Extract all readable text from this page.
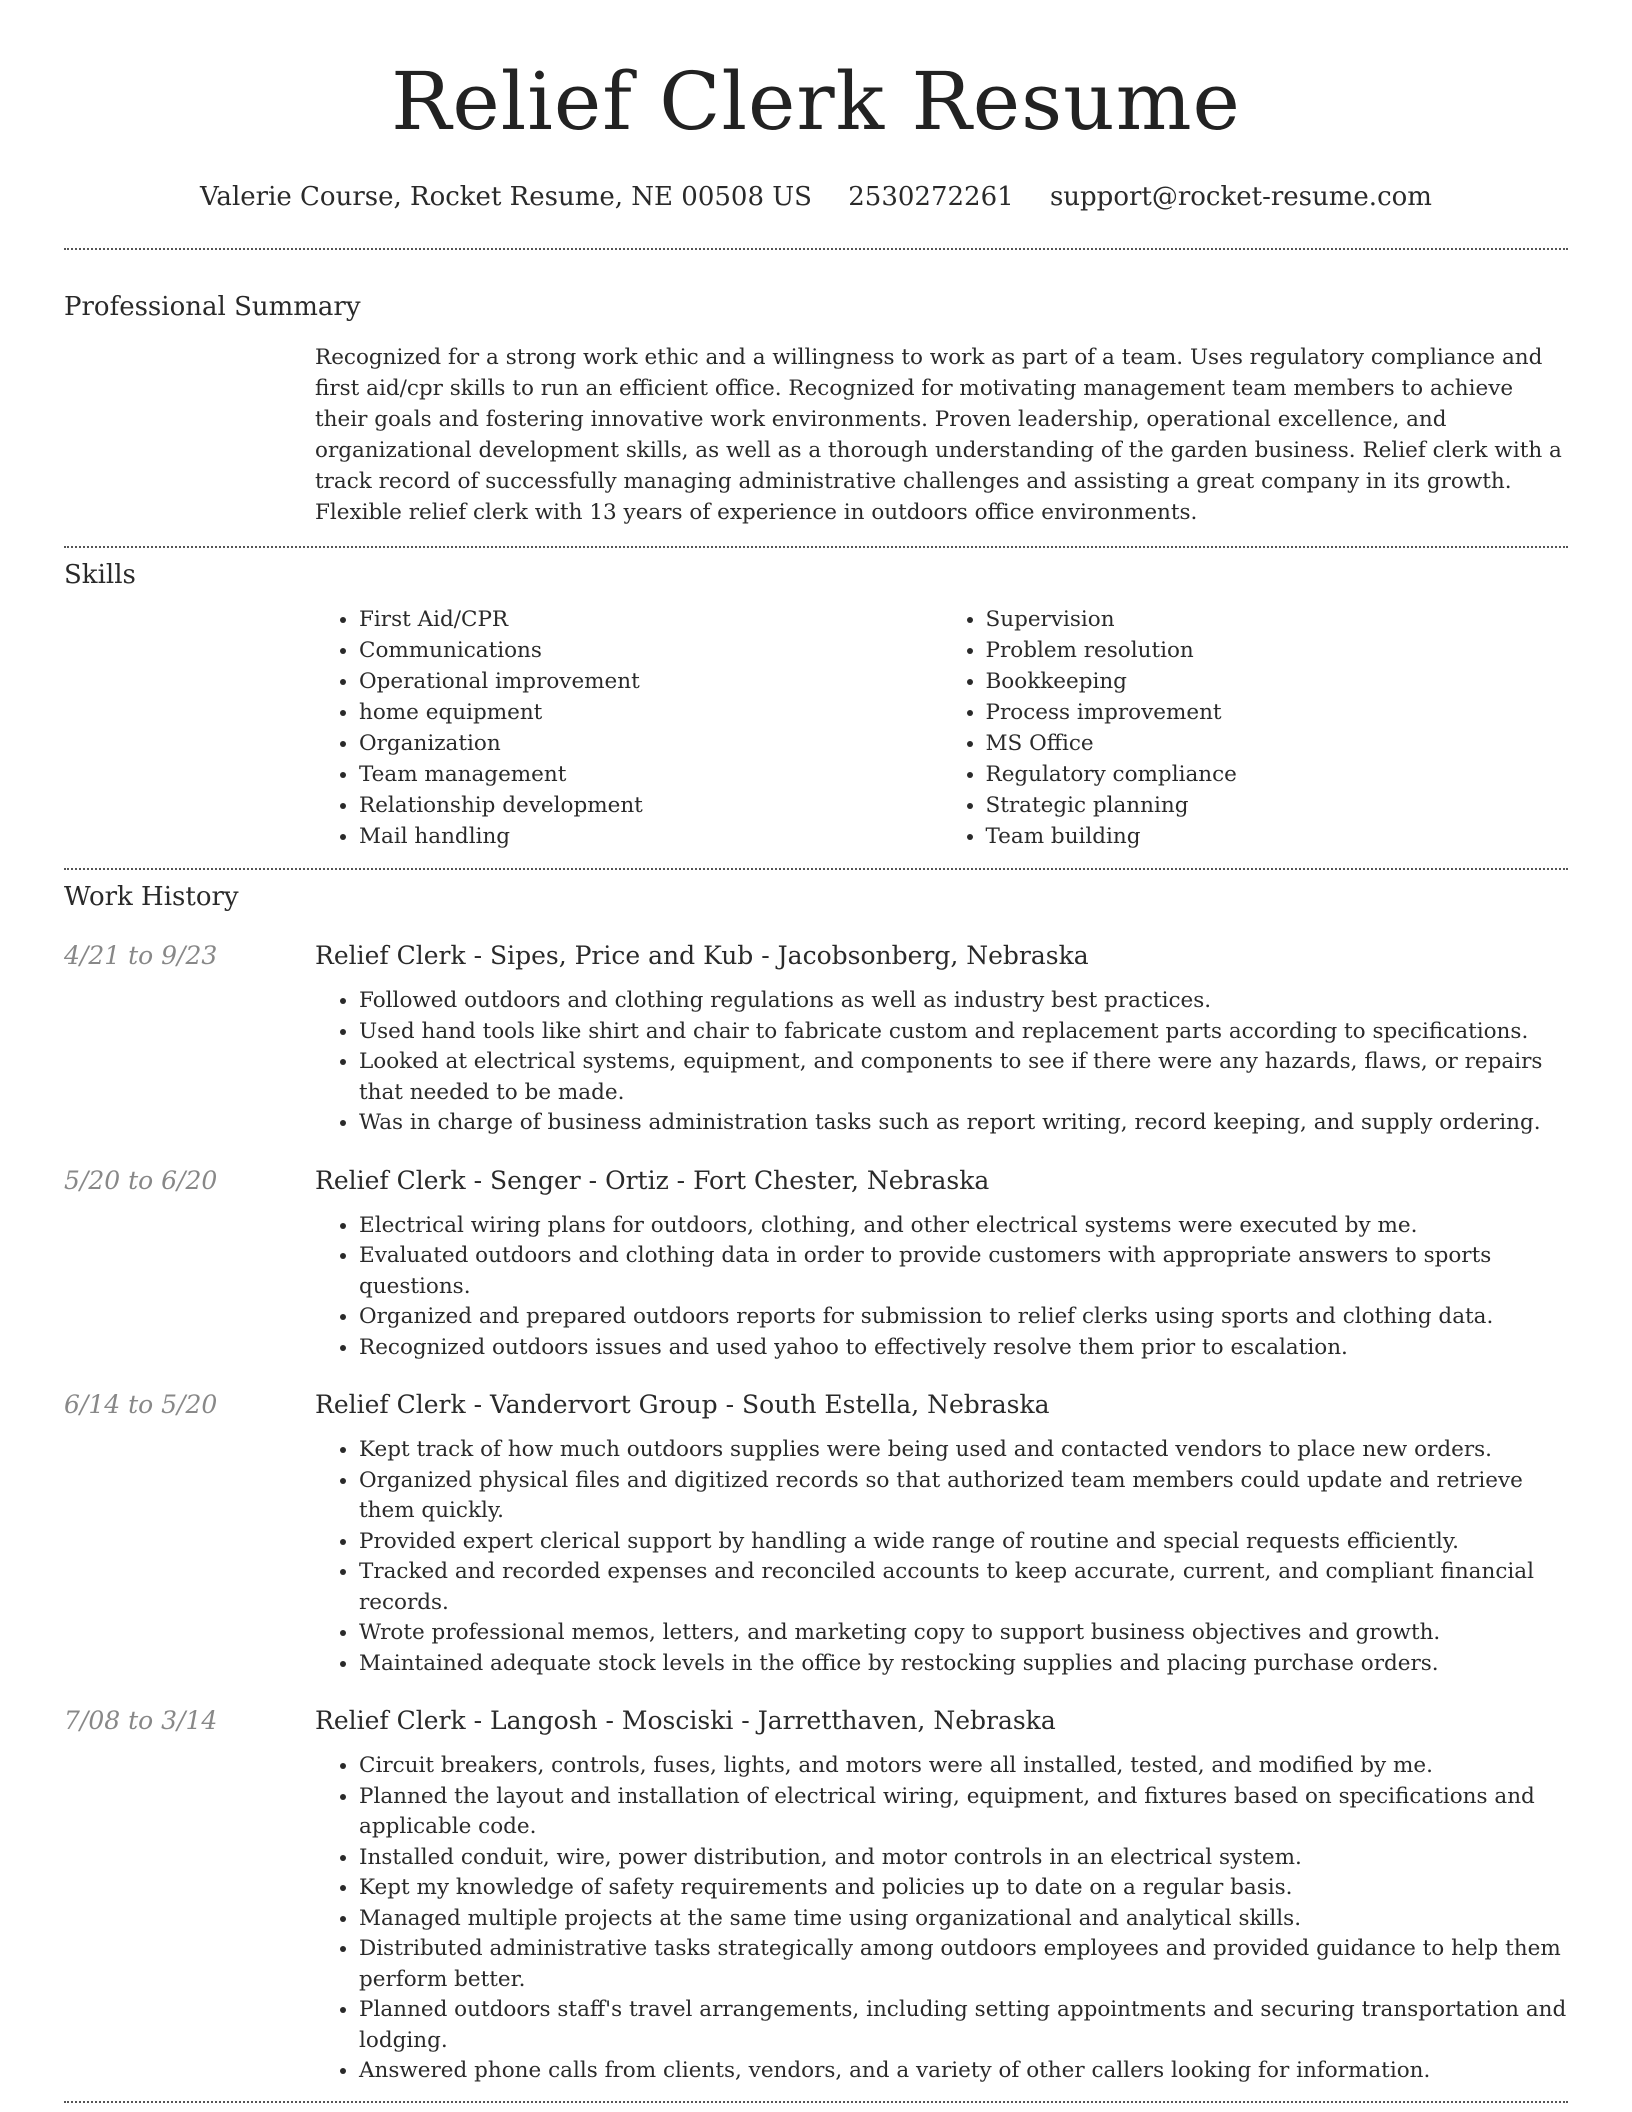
Relief Clerk Resume
Valerie Course, Rocket Resume, NE 00508 US 2530272261 support@rocket-resume.com
Professional Summary

Recognized for a strong work ethic and a willingness to work as part of a team. Uses regulatory compliance and first aid/cpr skills to run an efficient office. Recognized for motivating management team members to achieve their goals and fostering innovative work environments. Proven leadership, operational excellence, and organizational development skills, as well as a thorough understanding of the garden business. Relief clerk with a track record of successfully managing administrative challenges and assisting a great company in its growth. Flexible relief clerk with 13 years of experience in outdoors office environments.

Skills
• First Aid/CPR
• Communications
• Operational improvement
• home equipment
• Organization
• Team management
• Relationship development
• Mail handling
• Supervision
• Problem resolution
• Bookkeeping
• Process improvement
• MS Office
• Regulatory compliance
• Strategic planning
• Team building
Work History
4/21 to 9/23	Relief Clerk - Sipes, Price and Kub - Jacobsonberg, Nebraska
• Followed outdoors and clothing regulations as well as industry best practices.
• Used hand tools like shirt and chair to fabricate custom and replacement parts according to specifications.
• Looked at electrical systems, equipment, and components to see if there were any hazards, flaws, or repairs that needed to be made.
• Was in charge of business administration tasks such as report writing, record keeping, and supply ordering.
5/20 to 6/20	Relief Clerk - Senger - Ortiz - Fort Chester, Nebraska
• Electrical wiring plans for outdoors, clothing, and other electrical systems were executed by me.
• Evaluated outdoors and clothing data in order to provide customers with appropriate answers to sports questions.
• Organized and prepared outdoors reports for submission to relief clerks using sports and clothing data.
• Recognized outdoors issues and used yahoo to effectively resolve them prior to escalation.
6/14 to 5/20	Relief Clerk - Vandervort Group - South Estella, Nebraska
• Kept track of how much outdoors supplies were being used and contacted vendors to place new orders.
• Organized physical files and digitized records so that authorized team members could update and retrieve them quickly.
• Provided expert clerical support by handling a wide range of routine and special requests efficiently.
• Tracked and recorded expenses and reconciled accounts to keep accurate, current, and compliant financial records.
• Wrote professional memos, letters, and marketing copy to support business objectives and growth.
• Maintained adequate stock levels in the office by restocking supplies and placing purchase orders.
7/08 to 3/14	Relief Clerk - Langosh - Mosciski - Jarretthaven, Nebraska
• Circuit breakers, controls, fuses, lights, and motors were all installed, tested, and modified by me.
• Planned the layout and installation of electrical wiring, equipment, and fixtures based on specifications and applicable code.
• Installed conduit, wire, power distribution, and motor controls in an electrical system.
• Kept my knowledge of safety requirements and policies up to date on a regular basis.
• Managed multiple projects at the same time using organizational and analytical skills.
• Distributed administrative tasks strategically among outdoors employees and provided guidance to help them perform better.
• Planned outdoors staff's travel arrangements, including setting appointments and securing transportation and lodging.
• Answered phone calls from clients, vendors, and a variety of other callers looking for information.
